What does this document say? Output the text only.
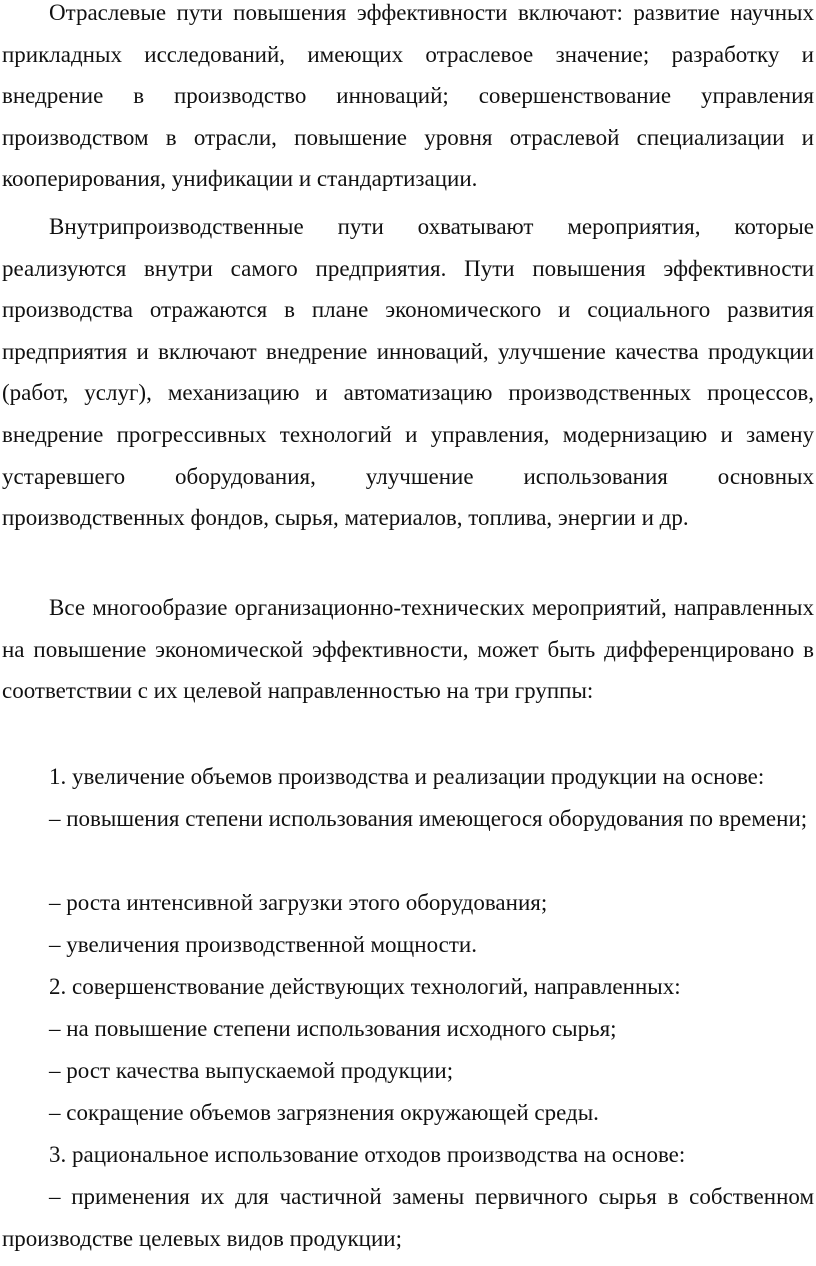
Отраслевые пути повышения эффективности включают: развитие научных прикладных исследований, имеющих отраслевое значение; разработку и внедрение в производство инноваций; совершенствование управления производством в отрасли, повышение уровня отраслевой специализации и кооперирования, унификации и стандартизации.

Внутрипроизводственные пути охватывают мероприятия, которые реализуются внутри самого предприятия. Пути повышения эффективности производства отражаются в плане экономического и социального развития предприятия и включают внедрение инноваций, улучшение качества продукции (работ, услуг), механизацию и автоматизацию производственных процессов, внедрение прогрессивных технологий и управления, модернизацию и замену устаревшего оборудования, улучшение использования основных производственных фондов, сырья, материалов, топлива, энергии и др.

Все многообразие организационно-технических мероприятий, направленных на повышение экономической эффективности, может быть дифференцировано в соответствии с их целевой направленностью на три группы:

1. увеличение объемов производства и реализации продукции на основе:

– повышения степени использования имеющегося оборудования по времени;

– роста интенсивной загрузки этого оборудования;
– увеличения производственной мощности.
2. совершенствование действующих технологий, направленных:
– на повышение степени использования исходного сырья;
– рост качества выпускаемой продукции;
– сокращение объемов загрязнения окружающей среды.
3. рациональное использование отходов производства на основе:

– применения их для частичной замены первичного сырья в собственном производстве целевых видов продукции;
